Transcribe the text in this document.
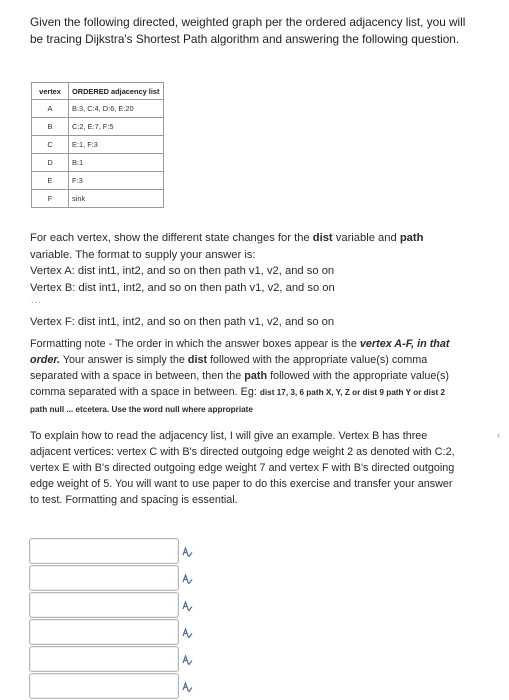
Given the following directed, weighted graph per the ordered adjacency list, you will be tracing Dijkstra's Shortest Path algorithm and answering the following question.
vertex	ORDERED adjacency list
A	B:3, C:4, D:6, E:20
B	C:2, E:7, F:5
C	E:1, F:3
D	B:1
E	F:3
F	sink
For each vertex, show the different state changes for the dist variable and path variable. The format to supply your answer is:
Vertex A: dist int1, int2, and so on then path v1, v2, and so on
Vertex B: dist int1, int2, and so on then path v1, v2, and so on
...
Vertex F: dist int1, int2, and so on then path v1, v2, and so on
Formatting note - The order in which the answer boxes appear is the vertex A-F, in that order. Your answer is simply the dist followed with the appropriate value(s) comma separated with a space in between, then the path followed with the appropriate value(s) comma separated with a space in between. Eg: dist 17, 3, 6 path X, Y, Z or dist 9 path Y or dist 2 path null ... etcetera. Use the word null where appropriate
To explain how to read the adjacency list, I will give an example. Vertex B has three adjacent vertices: vertex C with B's directed outgoing edge weight 2 as denoted with C:2, vertex E with B's directed outgoing edge weight 7 and vertex F with B's directed outgoing edge weight of 5. You will want to use paper to do this exercise and transfer your answer to test. Formatting and spacing is essential.
‹
